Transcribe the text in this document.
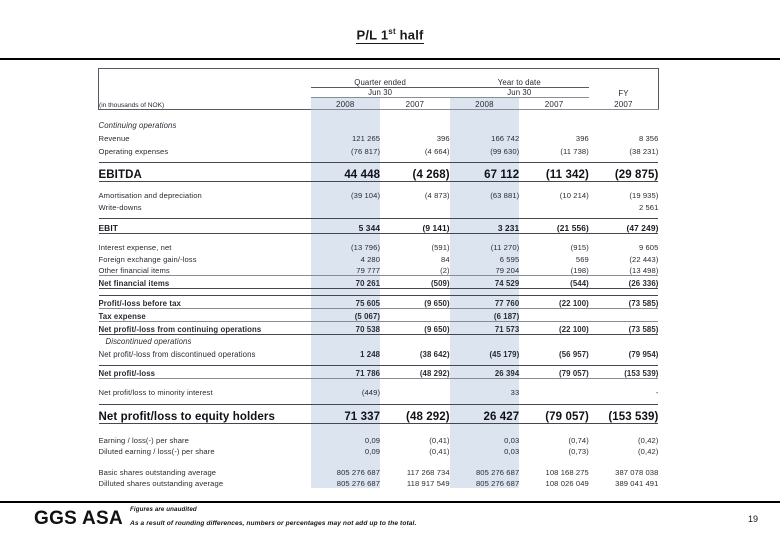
P/L 1st half

	Quarter ended		Year to date		
	Jun 30		Jun 30		FY
(in thousands of NOK)	2008	2007	2008	2007	2007

Continuing operations					
Revenue	121 265	396	166 742	396	8 356
Operating expenses	(76 817)	(4 664)	(99 630)	(11 738)	(38 231)

EBITDA	44 448	(4 268)	67 112	(11 342)	(29 875)

Amortisation and depreciation	(39 104)	(4 873)	(63 881)	(10 214)	(19 935)
Write-downs					2 561

EBIT	5 344	(9 141)	3 231	(21 556)	(47 249)

Interest expense, net	(13 796)	(591)	(11 270)	(915)	9 605
Foreign exchange gain/-loss	4 280	84	6 595	569	(22 443)
Other financial items	79 777	(2)	79 204	(198)	(13 498)
Net financial items	70 261	(509)	74 529	(544)	(26 336)

Profit/-loss before tax	75 605	(9 650)	77 760	(22 100)	(73 585)
Tax expense	(5 067)		(6 187)		
Net profit/-loss from continuing operations	70 538	(9 650)	71 573	(22 100)	(73 585)
Discontinued operations					
Net profit/-loss from discontinued operations	1 248	(38 642)	(45 179)	(56 957)	(79 954)

Net profit/-loss	71 786	(48 292)	26 394	(79 057)	(153 539)

Net profit/loss to minority interest	(449)		33		-

Net profit/loss to equity holders	71 337	(48 292)	26 427	(79 057)	(153 539)

Earning / loss(-) per share	0,09	(0,41)	0,03	(0,74)	(0,42)
Diluted earning / loss(-) per share	0,09	(0,41)	0,03	(0,73)	(0,42)

Basic shares outstanding average	805 276 687	117 268 734	805 276 687	108 168 275	387 078 038
Dilluted shares outstanding average	805 276 687	118 917 549	805 276 687	108 026 049	389 041 491
GGS ASA Figures are unaudited
As a result of rounding differences, numbers or percentages may not add up to the total.	19
